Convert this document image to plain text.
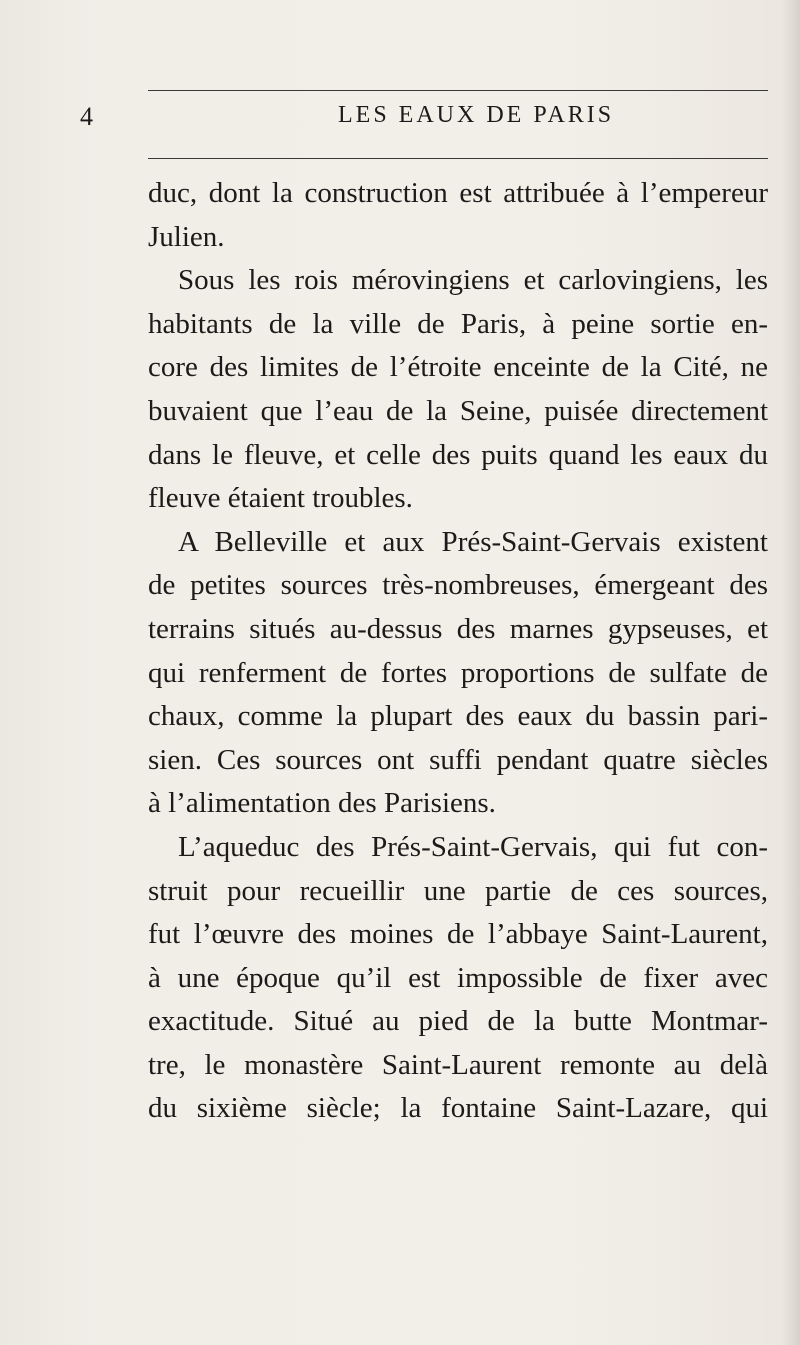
4	LES EAUX DE PARIS
duc, dont la construction est attribuée à l’empereur
Julien.
Sous les rois mérovingiens et carlovingiens, les
habitants de la ville de Paris, à peine sortie en-
core des limites de l’étroite enceinte de la Cité, ne
buvaient que l’eau de la Seine, puisée directement
dans le fleuve, et celle des puits quand les eaux du
fleuve étaient troubles.
A Belleville et aux Prés-Saint-Gervais existent
de petites sources très-nombreuses, émergeant des
terrains situés au-dessus des marnes gypseuses, et
qui renferment de fortes proportions de sulfate de
chaux, comme la plupart des eaux du bassin pari-
sien. Ces sources ont suffi pendant quatre siècles
à l’alimentation des Parisiens.
L’aqueduc des Prés-Saint-Gervais, qui fut con-
struit pour recueillir une partie de ces sources,
fut l’œuvre des moines de l’abbaye Saint-Laurent,
à une époque qu’il est impossible de fixer avec
exactitude. Situé au pied de la butte Montmar-
tre, le monastère Saint-Laurent remonte au delà
du sixième siècle; la fontaine Saint-Lazare, qui
